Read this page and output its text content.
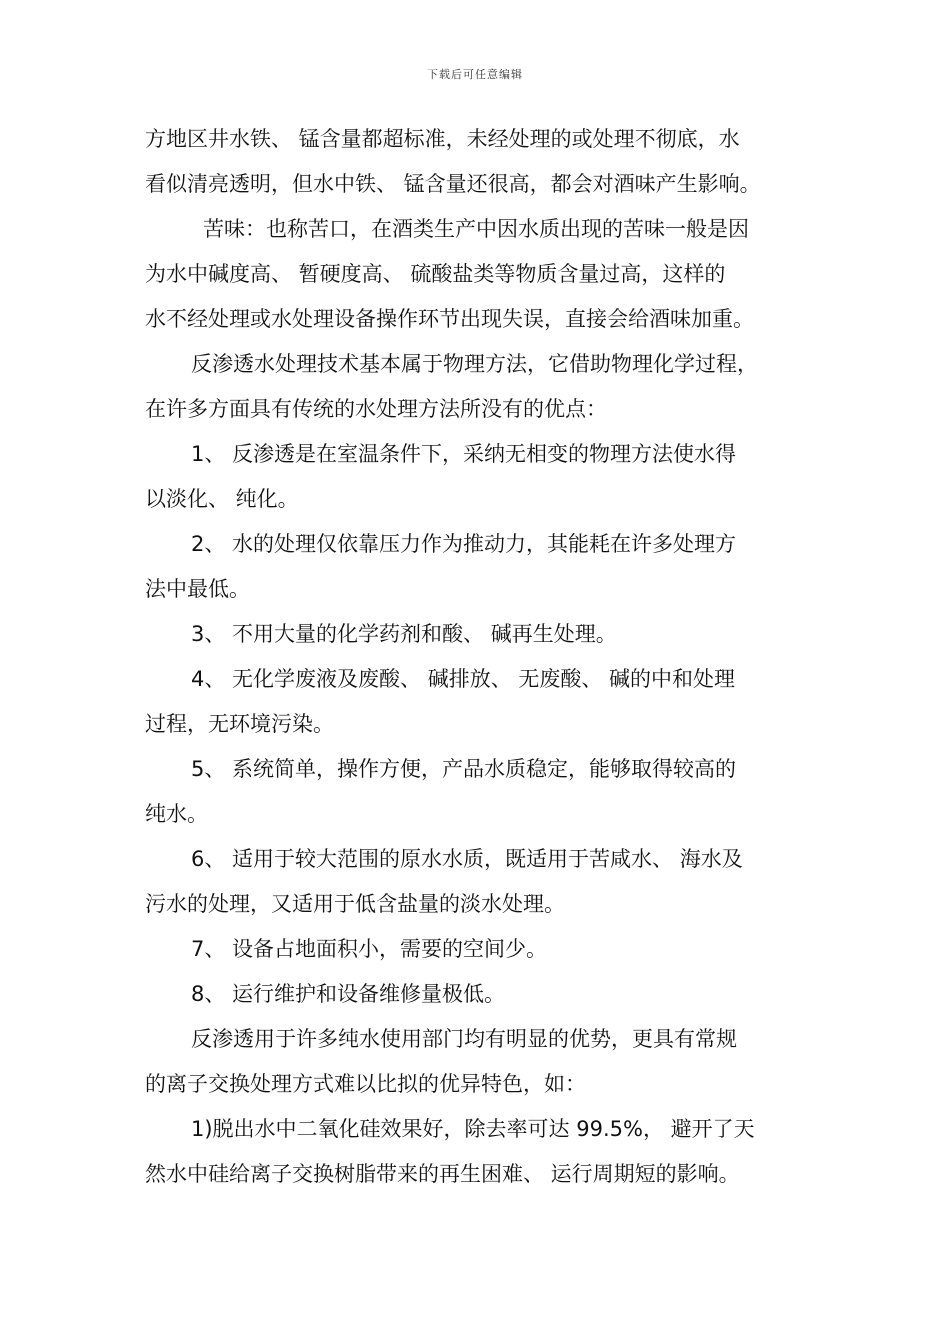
下载后可任意编辑

方地区井水铁、 锰含量都超标准，未经处理的或处理不彻底，水
看似清亮透明，但水中铁、 锰含量还很高，都会对酒味产生影响。

苦味：也称苦口，在酒类生产中因水质出现的苦味一般是因
为水中碱度高、 暂硬度高、 硫酸盐类等物质含量过高，这样的
水不经处理或水处理设备操作环节出现失误，直接会给酒味加重。

反渗透水处理技术基本属于物理方法，它借助物理化学过程，
在许多方面具有传统的水处理方法所没有的优点：

1、 反渗透是在室温条件下，采纳无相变的物理方法使水得
以淡化、 纯化。

2、 水的处理仅依靠压力作为推动力，其能耗在许多处理方
法中最低。

3、 不用大量的化学药剂和酸、 碱再生处理。

4、 无化学废液及废酸、 碱排放、 无废酸、 碱的中和处理
过程，无环境污染。

5、 系统简单，操作方便，产品水质稳定，能够取得较高的
纯水。

6、 适用于较大范围的原水水质，既适用于苦咸水、 海水及
污水的处理，又适用于低含盐量的淡水处理。

7、 设备占地面积小，需要的空间少。

8、 运行维护和设备维修量极低。

反渗透用于许多纯水使用部门均有明显的优势，更具有常规
的离子交换处理方式难以比拟的优异特色，如：

1)脱出水中二氧化硅效果好，除去率可达 99.5%， 避开了天
然水中硅给离子交换树脂带来的再生困难、 运行周期短的影响。
